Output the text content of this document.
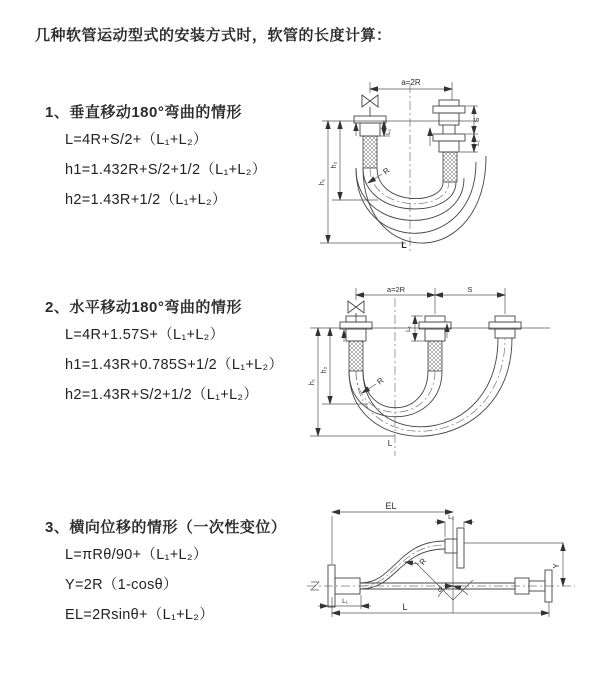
几种软管运动型式的安装方式时，软管的长度计算：
1、垂直移动180°弯曲的情形
L=4R+S/2+（L₁+L₂）
h1=1.432R+S/2+1/2（L₁+L₂）
h2=1.43R+1/2（L₁+L₂）
2、水平移动180°弯曲的情形
L=4R+1.57S+（L₁+L₂）
h1=1.43R+0.785S+1/2（L₁+L₂）
h2=1.43R+S/2+1/2（L₁+L₂）
3、横向位移的情形（一次性变位）
L=πRθ/90+（L₁+L₂）
Y=2R（1-cosθ）
EL=2Rsinθ+（L₁+L₂）
a=2R
L₁
h₁
h₂
S
L₁
R
L
a=2R	S
L₁
h₁
h₂
R
L
EL
L₁
Y
L
L₁
R
θ
